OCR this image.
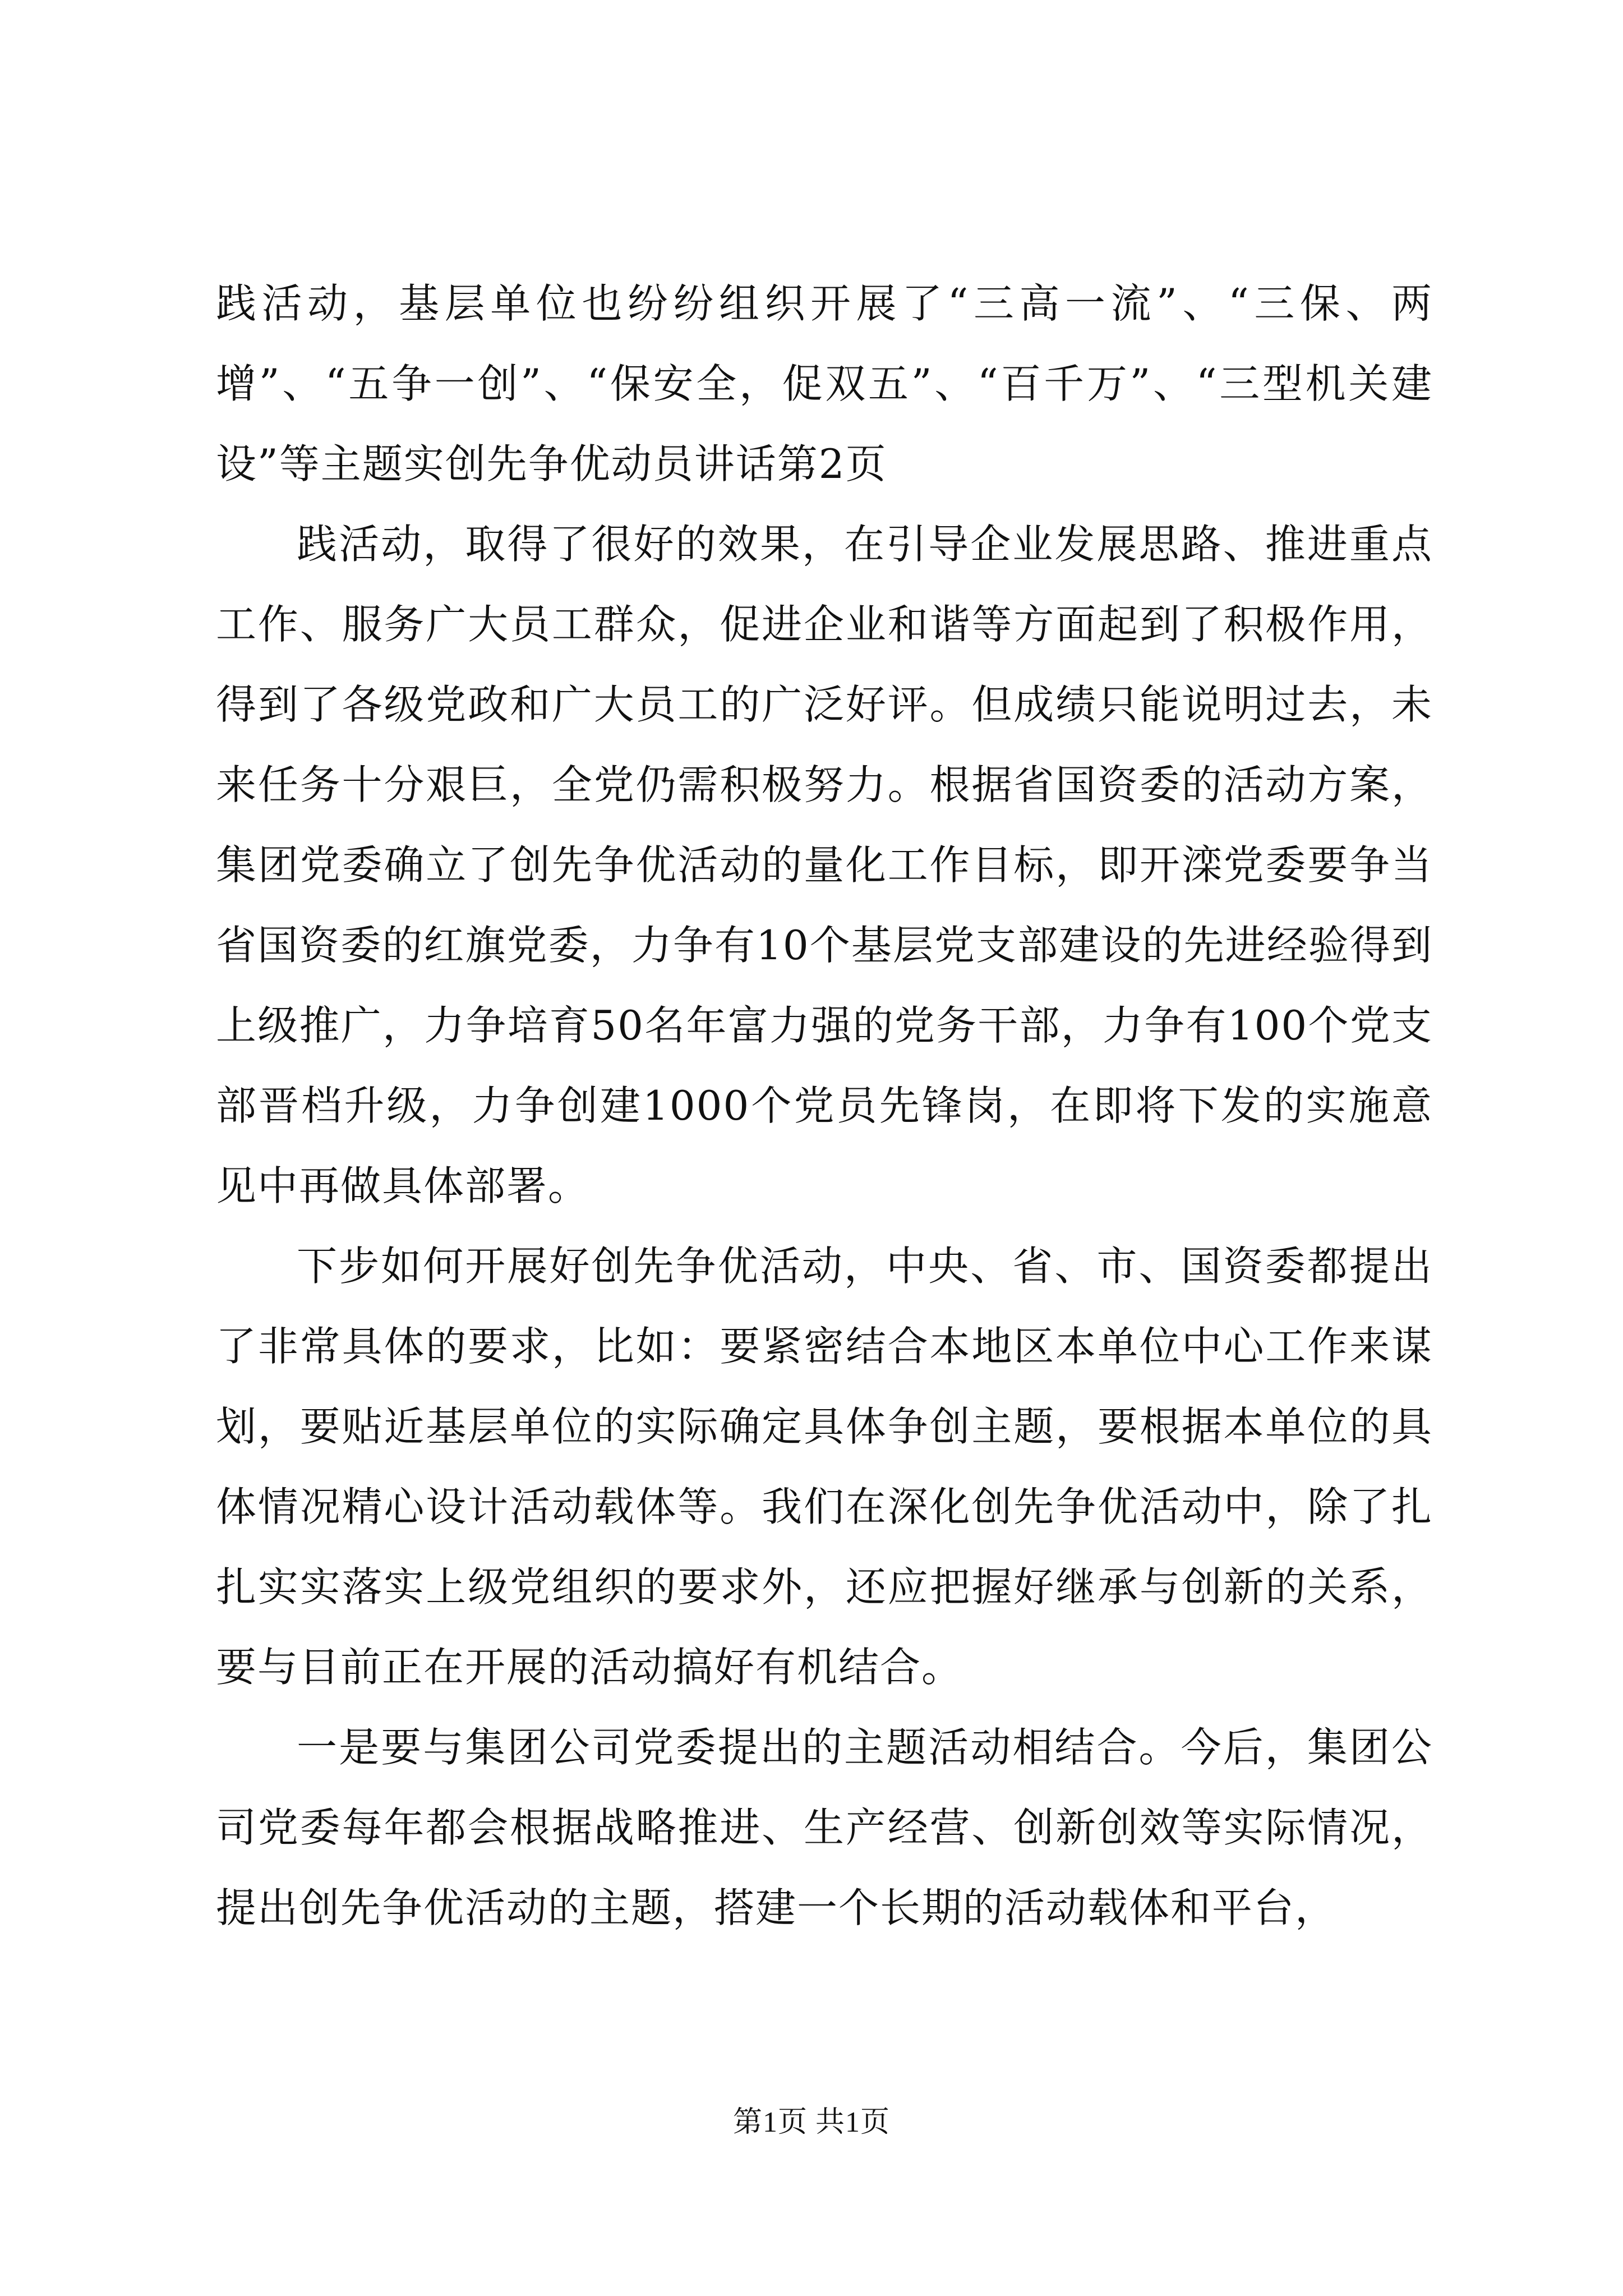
践活动，基层单位也纷纷组织开展了“三高一流”、“三保、两增”、“五争一创”、“保安全，促双五”、“百千万”、“三型机关建设”等主题实创先争优动员讲话第2页

践活动，取得了很好的效果，在引导企业发展思路、推进重点工作、服务广大员工群众，促进企业和谐等方面起到了积极作用，得到了各级党政和广大员工的广泛好评。但成绩只能说明过去，未来任务十分艰巨，全党仍需积极努力。根据省国资委的活动方案，集团党委确立了创先争优活动的量化工作目标，即开滦党委要争当省国资委的红旗党委，力争有10个基层党支部建设的先进经验得到上级推广，力争培育50名年富力强的党务干部，力争有100个党支部晋档升级，力争创建1000个党员先锋岗，在即将下发的实施意见中再做具体部署。

下步如何开展好创先争优活动，中央、省、市、国资委都提出了非常具体的要求，比如：要紧密结合本地区本单位中心工作来谋划，要贴近基层单位的实际确定具体争创主题，要根据本单位的具体情况精心设计活动载体等。我们在深化创先争优活动中，除了扎扎实实落实上级党组织的要求外，还应把握好继承与创新的关系，要与目前正在开展的活动搞好有机结合。

一是要与集团公司党委提出的主题活动相结合。今后，集团公司党委每年都会根据战略推进、生产经营、创新创效等实际情况，提出创先争优活动的主题，搭建一个长期的活动载体和平台，

第1页 共1页
